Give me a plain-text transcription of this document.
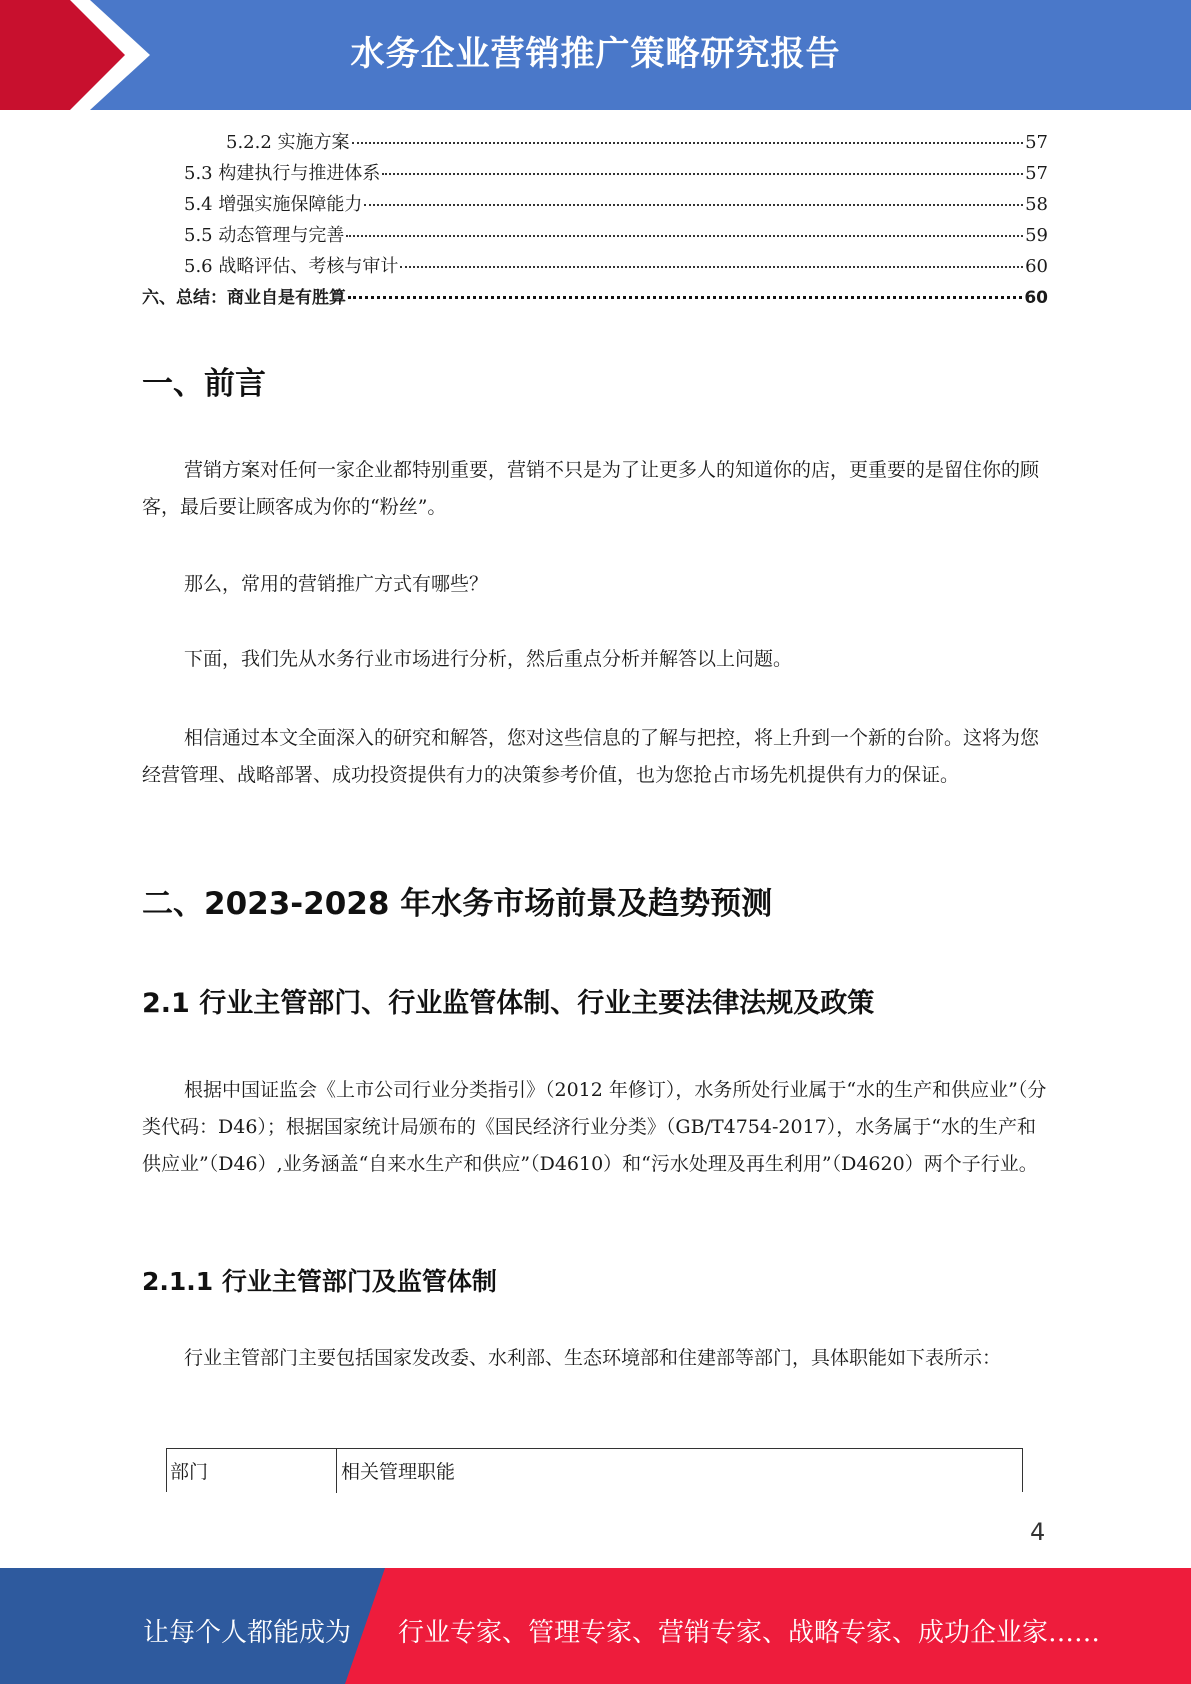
水务企业营销推广策略研究报告
5.2.2 实施方案	57
5.3 构建执行与推进体系	57
5.4 增强实施保障能力	58
5.5 动态管理与完善	59
5.6 战略评估、考核与审计	60
六、总结：商业自是有胜算	60
一、前言

营销方案对任何一家企业都特别重要，营销不只是为了让更多人的知道你的店，更重要的是留住你的顾客，最后要让顾客成为你的“粉丝”。

那么，常用的营销推广方式有哪些？

下面，我们先从水务行业市场进行分析，然后重点分析并解答以上问题。

相信通过本文全面深入的研究和解答，您对这些信息的了解与把控，将上升到一个新的台阶。这将为您经营管理、战略部署、成功投资提供有力的决策参考价值，也为您抢占市场先机提供有力的保证。

二、2023-2028 年水务市场前景及趋势预测
2.1 行业主管部门、行业监管体制、行业主要法律法规及政策

根据中国证监会《上市公司行业分类指引》（2012 年修订），水务所处行业属于“水的生产和供应业”（分类代码：D46）；根据国家统计局颁布的《国民经济行业分类》（GB/T4754-2017），水务属于“水的生产和供应业”（D46）,业务涵盖“自来水生产和供应”（D4610）和“污水处理及再生利用”（D4620）两个子行业。

2.1.1 行业主管部门及监管体制

行业主管部门主要包括国家发改委、水利部、生态环境部和住建部等部门，具体职能如下表所示：

部门	相关管理职能
4
让每个人都能成为 行业专家、管理专家、营销专家、战略专家、成功企业家……
